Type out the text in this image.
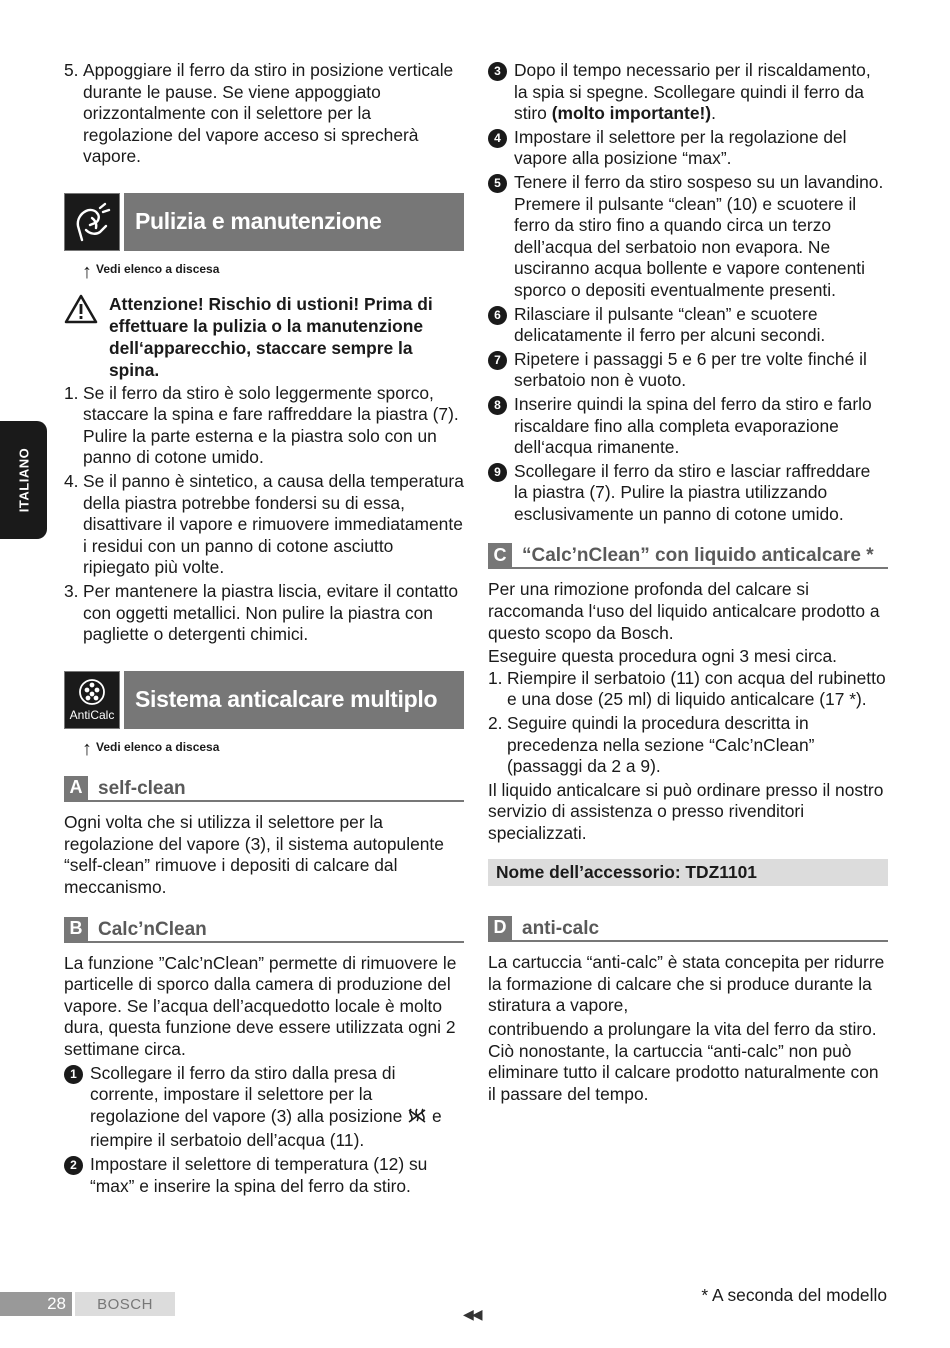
ITALIANO
5. Appoggiare il ferro da stiro in posizione verticale durante le pause. Se viene appoggiato orizzontalmente con il selettore per la regolazione del vapore acceso si sprecherà vapore.
Pulizia e manutenzione
↑ Vedi elenco a discesa
Attenzione! Rischio di ustioni! Prima di effettuare la pulizia o la manutenzione dell‘apparecchio, staccare sempre la spina.
1. Se il ferro da stiro è solo leggermente sporco, staccare la spina e fare raffreddare la piastra (7). Pulire la parte esterna e la piastra solo con un panno di cotone umido.
4. Se il panno è sintetico, a causa della temperatura della piastra potrebbe fondersi su di essa, disattivare il vapore e rimuovere immediatamente i residui con un panno di cotone asciutto ripiegato più volte.
3. Per mantenere la piastra liscia, evitare il contatto con oggetti metallici. Non pulire la piastra con pagliette o detergenti chimici.
AntiCalc
Sistema anticalcare multiplo
↑ Vedi elenco a discesa
A self-clean

Ogni volta che si utilizza il selettore per la regolazione del vapore (3), il sistema autopulente “self-clean” rimuove i depositi di calcare dal meccanismo.

B Calc’nClean

La funzione ”Calc’nClean” permette di rimuovere le particelle di sporco dalla camera di produzione del vapore. Se l’acqua dell’acquedotto locale è molto dura, questa funzione deve essere utilizzata ogni 2 settimane circa.

1 Scollegare il ferro da stiro dalla presa di corrente, impostare il selettore per la regolazione del vapore (3) alla posizione e riempire il serbatoio dell’acqua (11).
2 Impostare il selettore di temperatura (12) su “max” e inserire la spina del ferro da stiro.
3 Dopo il tempo necessario per il riscaldamento, la spia si spegne. Scollegare quindi il ferro da stiro (molto importante!).
4 Impostare il selettore per la regolazione del vapore alla posizione “max”.
5 Tenere il ferro da stiro sospeso su un lavandino. Premere il pulsante “clean” (10) e scuotere il ferro da stiro fino a quando circa un terzo dell’acqua del serbatoio non evapora. Ne usciranno acqua bollente e vapore contenenti sporco o depositi eventualmente presenti.
6 Rilasciare il pulsante “clean” e scuotere delicatamente il ferro per alcuni secondi.
7 Ripetere i passaggi 5 e 6 per tre volte finché il serbatoio non è vuoto.
8 Inserire quindi la spina del ferro da stiro e farlo riscaldare fino alla completa evaporazione dell‘acqua rimanente.
9 Scollegare il ferro da stiro e lasciar raffreddare la piastra (7). Pulire la piastra utilizzando esclusivamente un panno di cotone umido.
C “Calc’nClean” con liquido anticalcare *

Per una rimozione profonda del calcare si raccomanda l‘uso del liquido anticalcare prodotto a questo scopo da Bosch.

Eseguire questa procedura ogni 3 mesi circa.

1. Riempire il serbatoio (11) con acqua del rubinetto e una dose (25 ml) di liquido anticalcare (17 *).
2. Seguire quindi la procedura descritta in precedenza nella sezione “Calc’nClean” (passaggi da 2 a 9).

Il liquido anticalcare si può ordinare presso il nostro servizio di assistenza o presso rivenditori specializzati.

Nome dell’accessorio: TDZ1101
D anti-calc

La cartuccia “anti-calc” è stata concepita per ridurre la formazione di calcare che si produce durante la stiratura a vapore,

contribuendo a prolungare la vita del ferro da stiro. Ciò nonostante, la cartuccia “anti-calc” non può eliminare tutto il calcare prodotto naturalmente con il passare del tempo.

28	BOSCH
◀◀
* A seconda del modello
